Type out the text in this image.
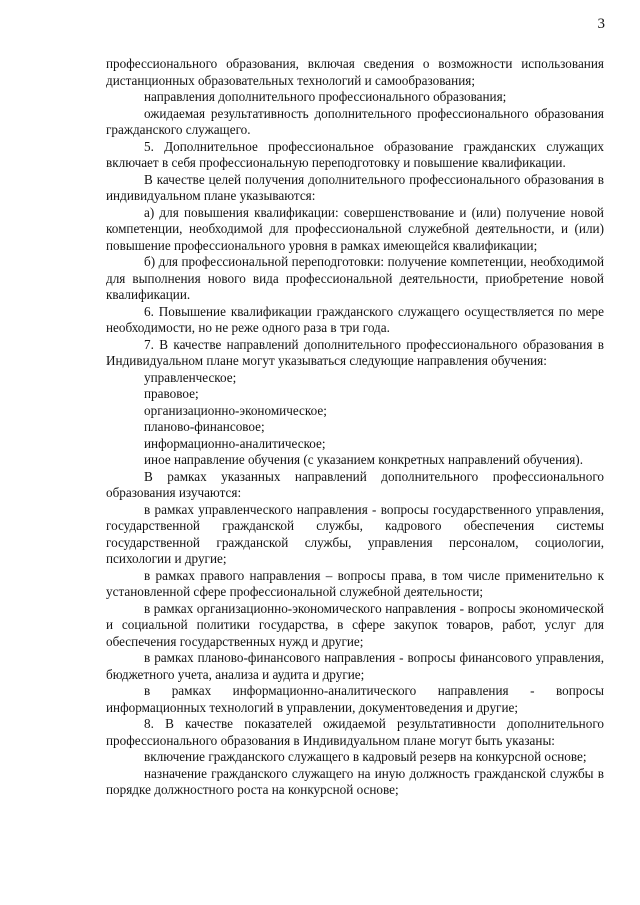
3

профессионального образования, включая сведения о возможности использования дистанционных образовательных технологий и самообразования;

направления дополнительного профессионального образования;

ожидаемая результативность дополнительного профессионального образования гражданского служащего.

5. Дополнительное профессиональное образование гражданских служащих включает в себя профессиональную переподготовку и повышение квалификации.

В качестве целей получения дополнительного профессионального образования в индивидуальном плане указываются:

а) для повышения квалификации: совершенствование и (или) получение новой компетенции, необходимой для профессиональной служебной деятельности, и (или) повышение профессионального уровня в рамках имеющейся квалификации;

б) для профессиональной переподготовки: получение компетенции, необходимой для выполнения нового вида профессиональной деятельности, приобретение новой квалификации.

6. Повышение квалификации гражданского служащего осуществляется по мере необходимости, но не реже одного раза в три года.

7. В качестве направлений дополнительного профессионального образования в Индивидуальном плане могут указываться следующие направления обучения:

управленческое;

правовое;

организационно-экономическое;

планово-финансовое;

информационно-аналитическое;

иное направление обучения (с указанием конкретных направлений обучения).

В рамках указанных направлений дополнительного профессионального образования изучаются:

в рамках управленческого направления - вопросы государственного управления, государственной гражданской службы, кадрового обеспечения системы государственной гражданской службы, управления персоналом, социологии, психологии и другие;

в рамках правого направления – вопросы права, в том числе применительно к установленной сфере профессиональной служебной деятельности;

в рамках организационно-экономического направления - вопросы экономической и социальной политики государства, в сфере закупок товаров, работ, услуг для обеспечения государственных нужд и другие;

в рамках планово-финансового направления - вопросы финансового управления, бюджетного учета, анализа и аудита и другие;

в рамках информационно-аналитического направления - вопросы информационных технологий в управлении, документоведения и другие;

8. В качестве показателей ожидаемой результативности дополнительного профессионального образования в Индивидуальном плане могут быть указаны:

включение гражданского служащего в кадровый резерв на конкурсной основе;

назначение гражданского служащего на иную должность гражданской службы в порядке должностного роста на конкурсной основе;
